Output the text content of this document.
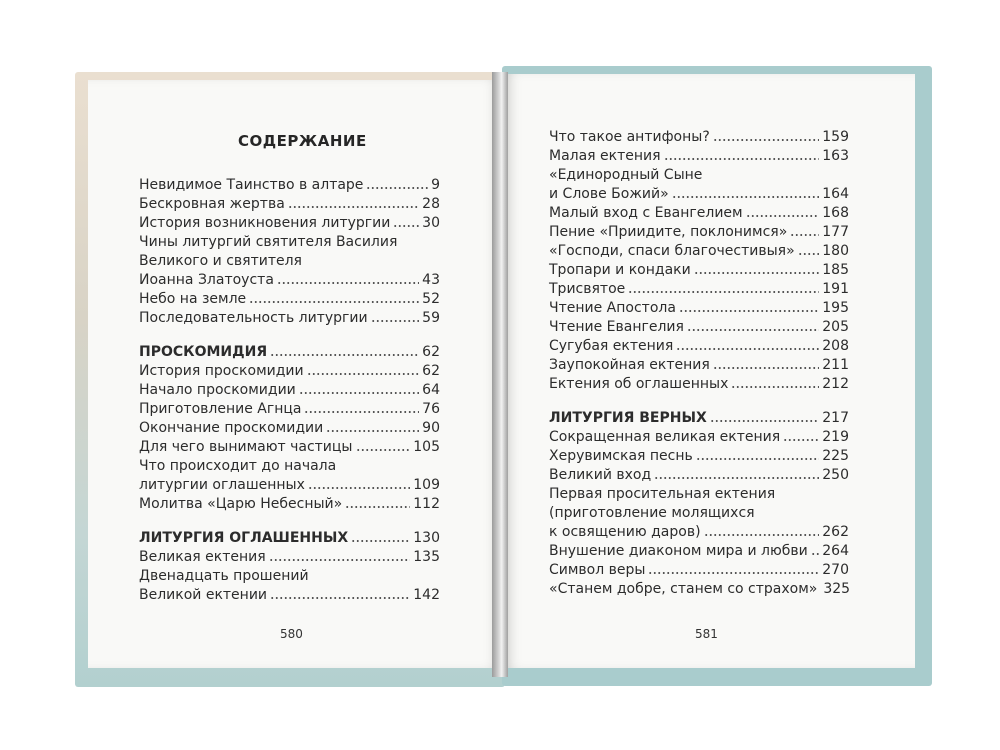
СОДЕРЖАНИЕ
Невидимое Таинство в алтаре	9
Бескровная жертва	28
История возникновения литургии 30
Чины литургий святителя Василия
Великого и святителя
Иоанна Златоуста	43
Небо на земле	52
Последовательность литургии	59
ПРОСКОМИДИЯ	62
История проскомидии	62
Начало проскомидии	64
Приготовление Агнца	76
Окончание проскомидии	90
Для чего вынимают частицы	105
Что происходит до начала
литургии оглашенных	109
Молитва «Царю Небесный»	112
ЛИТУРГИЯ ОГЛАШЕННЫХ	130
Великая ектения	135
Двенадцать прошений
Великой ектении	142
Что такое антифоны?	159
Малая ектения	163
«Единородный Сыне
и Слове Божий»	164
Малый вход с Евангелием	168
Пение «Приидите, поклонимся» 177
«Господи, спаси благочестивыя» 180
Тропари и кондаки	185
Трисвятое	191
Чтение Апостола	195
Чтение Евангелия	205
Сугубая ектения	208
Заупокойная ектения	211
Ектения об оглашенных	212
ЛИТУРГИЯ ВЕРНЫХ	217
Сокращенная великая ектения	219
Херувимская песнь	225
Великий вход	250
Первая просительная ектения
(приготовление молящихся
к освящению даров)	262
Внушение диаконом мира и любви 264
Символ веры	270
«Станем добре, станем со страхом» 325
580	581
